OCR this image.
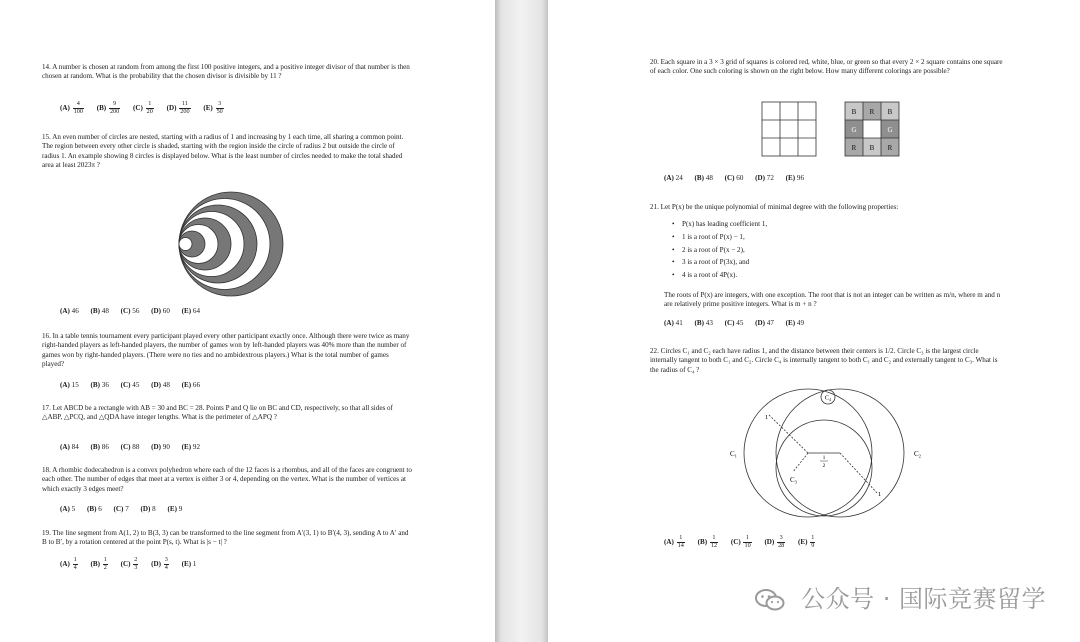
14. A number is chosen at random from among the first 100 positive integers, and a positive integer divisor of that number is then chosen at random. What is the probability that the chosen divisor is divisible by 11 ?
$(A) \frac{4}{100} (B) \frac{9}{200} (C) \frac{1}{20} (D) \frac{11}{200} (E) \frac{3}{50}$
15. An even number of circles are nested, starting with a radius of 1 and increasing by 1 each time, all sharing a common point. The region between every other circle is shaded, starting with the region inside the circle of radius 2 but outside the circle of radius 1. An example showing 8 circles is displayed below. What is the least number of circles needed to make the total shaded area at least 2023π ?
(A) 46 (B) 48 (C) 56 (D) 60 (E) 64
16. In a table tennis tournament every participant played every other participant exactly once. Although there were twice as many right-handed players as left-handed players, the number of games won by left-handed players was 40% more than the number of games won by right-handed players. (There were no ties and no ambidextrous players.) What is the total number of games played?
(A) 15 (B) 36 (C) 45 (D) 48 (E) 66
17. Let ABCD be a rectangle with AB = 30 and BC = 28. Points P and Q lie on BC and CD, respectively, so that all sides of △ABP, △PCQ, and △QDA have integer lengths. What is the perimeter of △APQ ?
(A) 84 (B) 86 (C) 88 (D) 90 (E) 92
18. A rhombic dodecahedron is a convex polyhedron where each of the 12 faces is a rhombus, and all of the faces are congruent to each other. The number of edges that meet at a vertex is either 3 or 4, depending on the vertex. What is the number of vertices at which exactly 3 edges meet?
(A) 5 (B) 6 (C) 7 (D) 8 (E) 9
19. The line segment from A(1, 2) to B(3, 3) can be transformed to the line segment from A′(3, 1) to B′(4, 3), sending A to A′ and B to B′, by a rotation centered at the point P(s, t). What is |s − t| ?
$(A) \frac{1}{4} (B) \frac{1}{2} (C) \frac{2}{3} (D) \frac{3}{4} (E)$ 1
20. Each square in a 3 × 3 grid of squares is colored red, white, blue, or green so that every 2 × 2 square contains one square of each color. One such coloring is shown on the right below. How many different colorings are possible?
B R B
G	G
R B R
(A) 24 (B) 48 (C) 60 (D) 72 (E) 96
21. Let P(x) be the unique polynomial of minimal degree with the following properties:
• P(x) has leading coefficient 1,
• 1 is a root of P(x) − 1,
• 2 is a root of P(x − 2),
• 3 is a root of P(3x), and
• 4 is a root of 4P(x).
The roots of P(x) are integers, with one exception. The root that is not an integer can be written as m/n, where m and n are relatively prime positive integers. What is m + n ?
(A) 41 (B) 43 (C) 45 (D) 47 (E) 49
22. Circles C₁ and C₂ each have radius 1, and the distance between their centers is 1/2. Circle C₃ is the largest circle internally tangent to both C₁ and C₂. Circle C₄ is internally tangent to both C₁ and C₂ and externally tangent to C₃. What is the radius of C₄ ?
C₄
C₁	C₂
C₃
1
1
1
2
$(A) \frac{1}{14} (B) \frac{1}{12} (C) \frac{1}{10} (D) \frac{3}{28} (E) \frac{1}{9}$
公众号 · 国际竞赛留学
